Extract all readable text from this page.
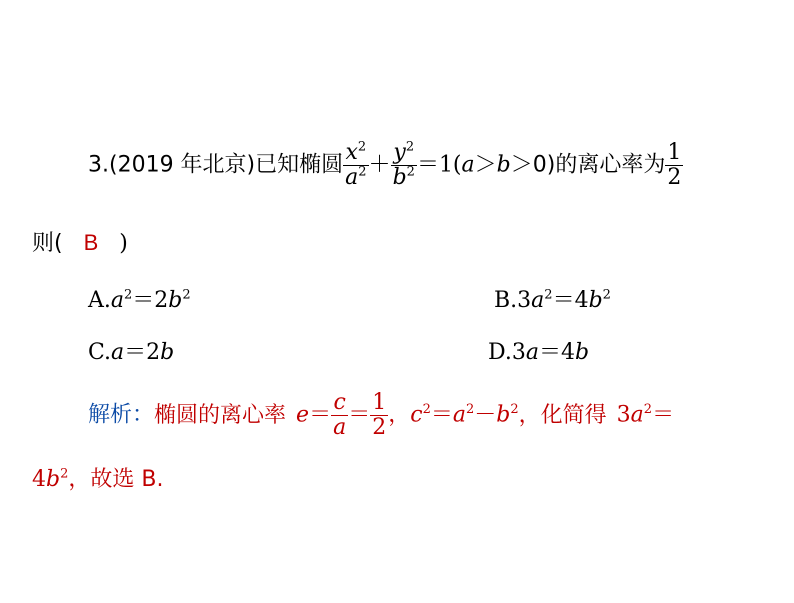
3.(2019 年北京)已知椭圆 $\frac{x^2}{a^2} + \frac{y^2}{b^2} =1(a>b>0)$的离心率为 $\frac{1}{2}$
则( B )
$A.a^2=2b^2$	$B.3a^2=4b^2$
C.a＝2b	D.3a＝4b
解析：椭圆的离心率 $e= \frac{c}{a} = \frac{1}{2}$ ，$c^2=a^2-b^2$，化简得 $3a^2=$
$4b^2$，故选 B.
